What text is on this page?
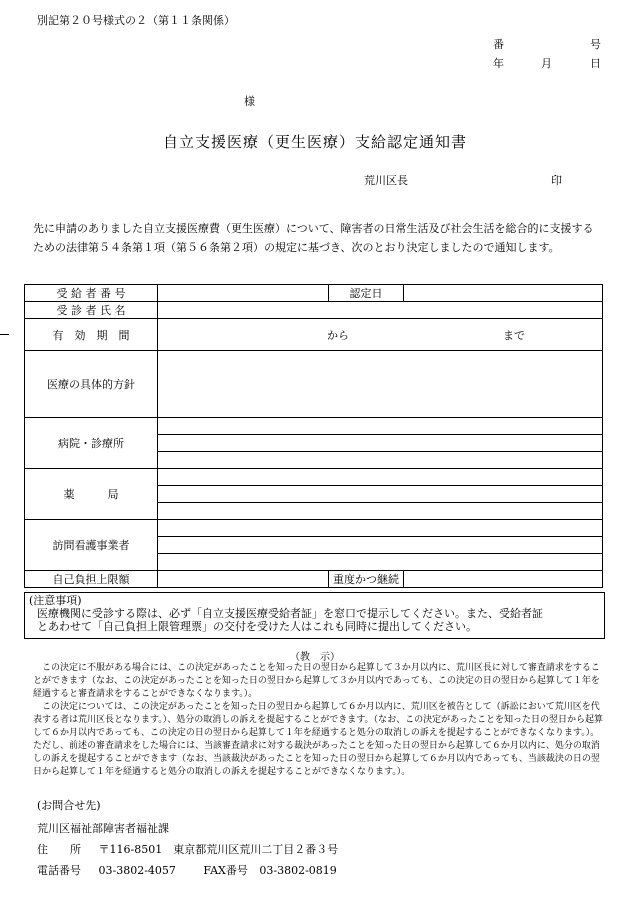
別記第２０号様式の２（第１１条関係）
番	号
年	月	日
様
自立支援医療（更生医療）支給認定通知書
荒川区長	印
先に申請のありました自立支援医療費（更生医療）について、障害者の日常生活及び社会生活を総合的に支援するための法律第５４条第１項（第５６条第２項）の規定に基づき、次のとおり決定しましたので通知します。
受 給 者 番 号		認定日	
受 診 者 氏 名			
有　効　期　間	から まで		

医療の具体的方針			
病院・診療所			

薬　　　局			

訪問看護事業者			

自己負担上限額		重度かつ継続	
(注意事項)
医療機関に受診する際は、必ず「自立支援医療受給者証」を窓口で提示してください。また、受給者証
とあわせて「自己負担上限管理票」の交付を受けた人はこれも同時に提出してください。
（教　示）

この決定に不服がある場合には、この決定があったことを知った日の翌日から起算して３か月以内に、荒川区長に対して審査請求をすることができます（なお、この決定があったことを知った日の翌日から起算して３か月以内であっても、この決定の日の翌日から起算して１年を経過すると審査請求をすることができなくなります。）。

この決定については、この決定があったことを知った日の翌日から起算して６か月以内に、荒川区を被告として（訴訟において荒川区を代表する者は荒川区長となります。）、処分の取消しの訴えを提起することができます。（なお、この決定があったことを知った日の翌日から起算して６か月以内であっても、この決定の日の翌日から起算して１年を経過すると処分の取消しの訴えを提起することができなくなります。）。ただし、前述の審査請求をした場合には、当該審査請求に対する裁決があったことを知った日の翌日から起算して６か月以内に、処分の取消しの訴えを提起することができます（なお、当該裁決があったことを知った日の翌日から起算して６か月以内であっても、当該裁決の日の翌日から起算して１年を経過すると処分の取消しの訴えを提起することができなくなります。）。

(お問合せ先)
荒川区福祉部障害者福祉課
住　　所 〒116-8501　東京都荒川区荒川二丁目２番３号
電話番号 03-3802-4057	FAX番号 03-3802-0819
